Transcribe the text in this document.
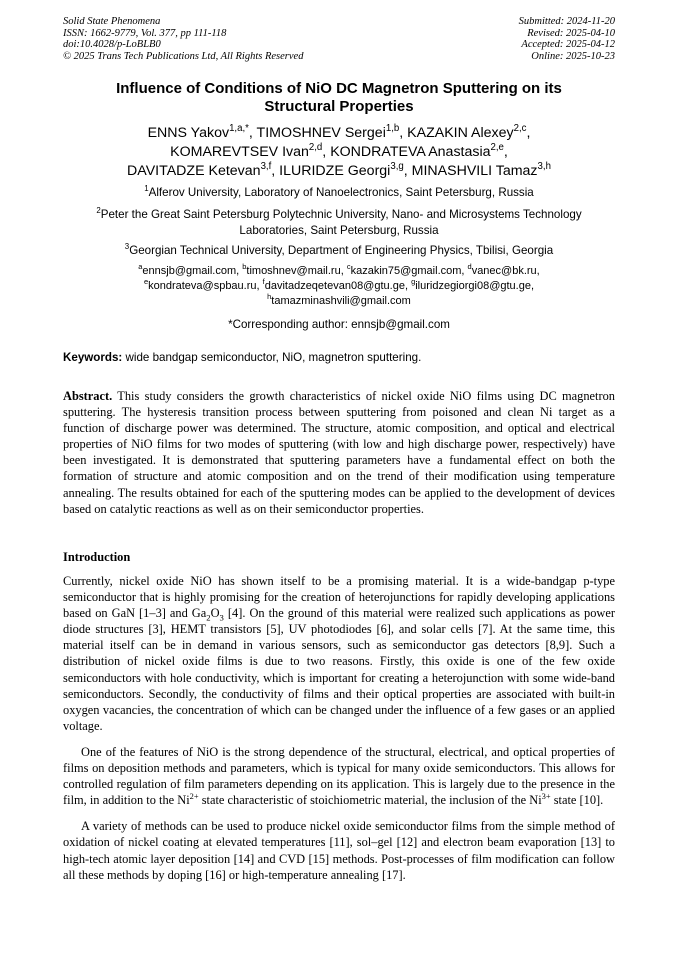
Solid State Phenomena
ISSN: 1662-9779, Vol. 377, pp 111-118
doi:10.4028/p-LoBLB0
© 2025 Trans Tech Publications Ltd, All Rights Reserved
Submitted: 2024-11-20
Revised: 2025-04-10
Accepted: 2025-04-12
Online: 2025-10-23
Influence of Conditions of NiO DC Magnetron Sputtering on its
Structural Properties
ENNS Yakov$^{1,a,*}$, TIMOSHNEV Sergei$^{1,b}$, KAZAKIN Alexey$^{2,c}$,
KOMAREVTSEV Ivan$^{2,d}$, KONDRATEVA Anastasia$^{2,e}$,
DAVITADZE Ketevan$^{3,f}$, ILURIDZE Georgi$^{3,g}$, MINASHVILI Tamaz$^{3,h}$
$^1$Alferov University, Laboratory of Nanoelectronics, Saint Petersburg, Russia
$^2$Peter the Great Saint Petersburg Polytechnic University, Nano- and Microsystems Technology
Laboratories, Saint Petersburg, Russia
$^3$Georgian Technical University, Department of Engineering Physics, Tbilisi, Georgia
$^a$ennsjb@gmail.com, $^b$timoshnev@mail.ru, $^c$kazakin75@gmail.com, $^d$vanec@bk.ru,
$^e$kondrateva@spbau.ru, $^f$davitadzeqetevan08@gtu.ge, $^g$iluridzegiorgi08@gtu.ge,
$^h$tamazminashvili@gmail.com
*Corresponding author: ennsjb@gmail.com
Keywords: wide bandgap semiconductor, NiO, magnetron sputtering.

Abstract. This study considers the growth characteristics of nickel oxide NiO films using DC magnetron sputtering. The hysteresis transition process between sputtering from poisoned and clean Ni target as a function of discharge power was determined. The structure, atomic composition, and optical and electrical properties of NiO films for two modes of sputtering (with low and high discharge power, respectively) have been investigated. It is demonstrated that sputtering parameters have a fundamental effect on both the formation of structure and atomic composition and on the trend of their modification using temperature annealing. The results obtained for each of the sputtering modes can be applied to the development of devices based on catalytic reactions as well as on their semiconductor properties.

Introduction

Currently, nickel oxide NiO has shown itself to be a promising material. It is a wide-bandgap p-type semiconductor that is highly promising for the creation of heterojunctions for rapidly developing applications based on GaN [1–3] and $Ga_2O_3$ [4]. On the ground of this material were realized such applications as power diode structures [3], HEMT transistors [5], UV photodiodes [6], and solar cells [7]. At the same time, this material itself can be in demand in various sensors, such as semiconductor gas detectors [8,9]. Such a distribution of nickel oxide films is due to two reasons. Firstly, this oxide is one of the few oxide semiconductors with hole conductivity, which is important for creating a heterojunction with some wide-band semiconductors. Secondly, the conductivity of films and their optical properties are associated with built-in oxygen vacancies, the concentration of which can be changed under the influence of a few gases or an applied voltage.

One of the features of NiO is the strong dependence of the structural, electrical, and optical properties of films on deposition methods and parameters, which is typical for many oxide semiconductors. This allows for controlled regulation of film parameters depending on its application. This is largely due to the presence in the film, in addition to the $Ni^{2+}$ state characteristic of stoichiometric material, the inclusion of the $Ni^{3+}$ state [10].

A variety of methods can be used to produce nickel oxide semiconductor films from the simple method of oxidation of nickel coating at elevated temperatures [11], sol–gel [12] and electron beam evaporation [13] to high-tech atomic layer deposition [14] and CVD [15] methods. Post-processes of film modification can follow all these methods by doping [16] or high-temperature annealing [17].
